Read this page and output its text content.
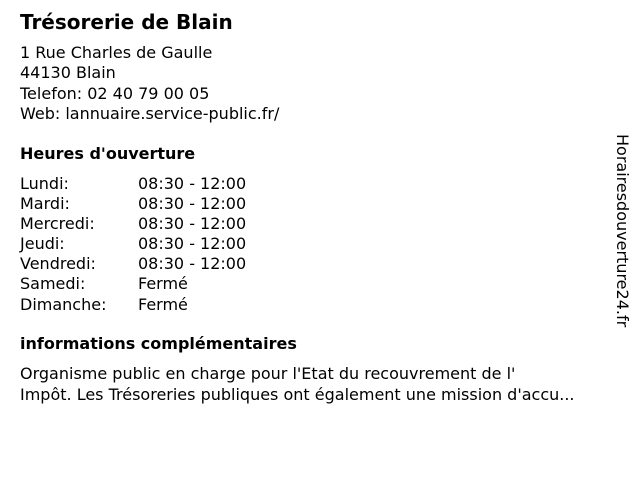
Trésorerie de Blain
1 Rue Charles de Gaulle
44130 Blain
Telefon: 02 40 79 00 05
Web: lannuaire.service-public.fr/
Heures d'ouverture
Lundi:	08:30 - 12:00
Mardi:	08:30 - 12:00
Mercredi:	08:30 - 12:00
Jeudi:	08:30 - 12:00
Vendredi:	08:30 - 12:00
Samedi:	Fermé
Dimanche:	Fermé
informations complémentaires
Organisme public en charge pour l'Etat du recouvrement de l'
Impôt. Les Trésoreries publiques ont également une mission d'accu...
Horairesdouverture24.fr
